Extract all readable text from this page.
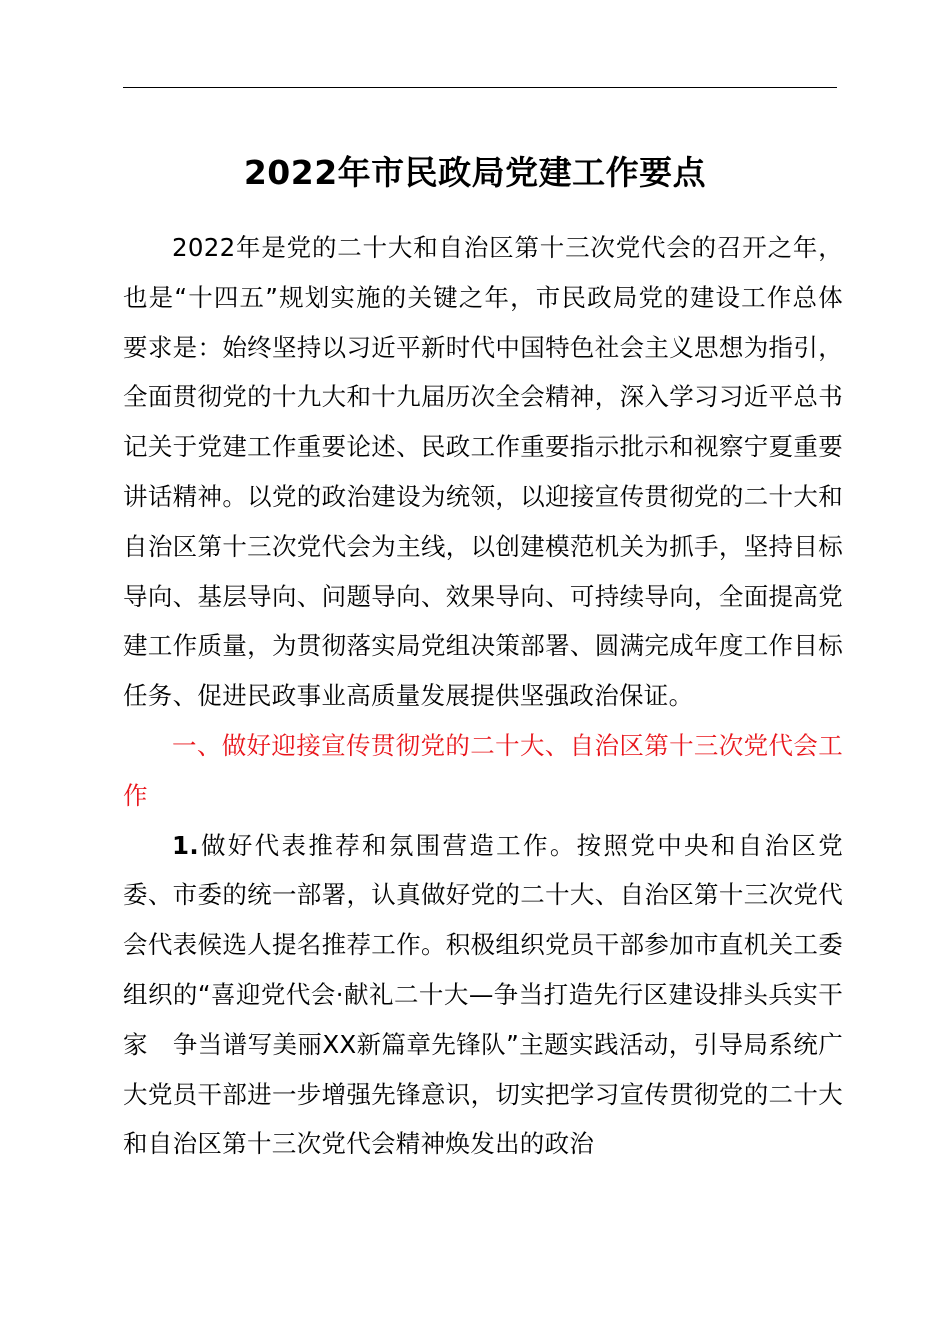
2022年市民政局党建工作要点

2022年是党的二十大和自治区第十三次党代会的召开之年，也是“十四五”规划实施的关键之年，市民政局党的建设工作总体要求是：始终坚持以习近平新时代中国特色社会主义思想为指引，全面贯彻党的十九大和十九届历次全会精神，深入学习习近平总书记关于党建工作重要论述、民政工作重要指示批示和视察宁夏重要讲话精神。以党的政治建设为统领，以迎接宣传贯彻党的二十大和自治区第十三次党代会为主线，以创建模范机关为抓手，坚持目标导向、基层导向、问题导向、效果导向、可持续导向，全面提高党建工作质量，为贯彻落实局党组决策部署、圆满完成年度工作目标任务、促进民政事业高质量发展提供坚强政治保证。

一、做好迎接宣传贯彻党的二十大、自治区第十三次党代会工作

1.做好代表推荐和氛围营造工作。按照党中央和自治区党委、市委的统一部署，认真做好党的二十大、自治区第十三次党代会代表候选人提名推荐工作。积极组织党员干部参加市直机关工委组织的“喜迎党代会·献礼二十大—争当打造先行区建设排头兵实干家　争当谱写美丽XX新篇章先锋队”主题实践活动，引导局系统广大党员干部进一步增强先锋意识，切实把学习宣传贯彻党的二十大和自治区第十三次党代会精神焕发出的政治
